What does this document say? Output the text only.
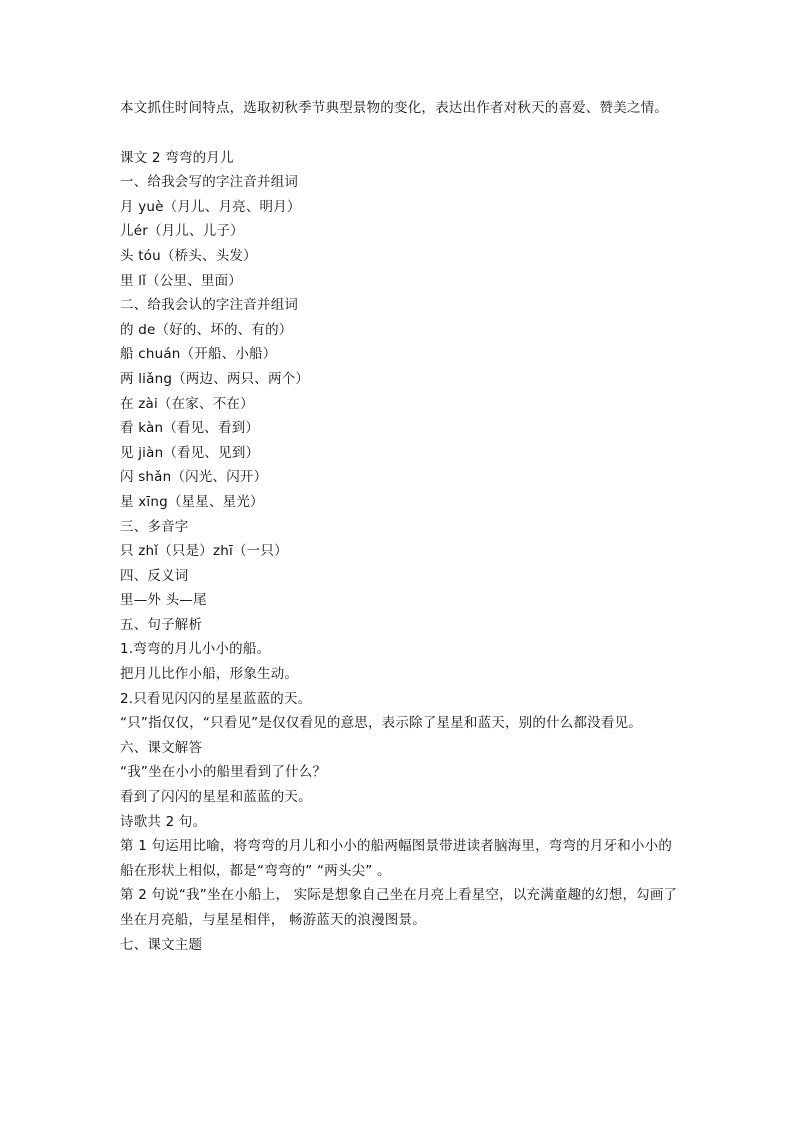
本文抓住时间特点，选取初秋季节典型景物的变化，表达出作者对秋天的喜爱、赞美之情。
课文 2 弯弯的月儿
一、给我会写的字注音并组词
月 yuè（月儿、月亮、明月）
儿ér（月儿、儿子）
头 tóu（桥头、头发）
里 lǐ（公里、里面）
二、给我会认的字注音并组词
的 de（好的、坏的、有的）
船 chuán（开船、小船）
两 liǎng（两边、两只、两个）
在 zài（在家、不在）
看 kàn（看见、看到）
见 jiàn（看见、见到）
闪 shǎn（闪光、闪开）
星 xīng（星星、星光）
三、多音字
只 zhǐ（只是）zhī（一只）
四、反义词
里—外 头—尾
五、句子解析
1.弯弯的月儿小小的船。
把月儿比作小船，形象生动。
2.只看见闪闪的星星蓝蓝的天。
“只”指仅仅，“只看见”是仅仅看见的意思，表示除了星星和蓝天，别的什么都没看见。
六、课文解答
“我”坐在小小的船里看到了什么？
看到了闪闪的星星和蓝蓝的天。
诗歌共 2 句。
第 1 句运用比喻，将弯弯的月儿和小小的船两幅图景带进读者脑海里，弯弯的月牙和小小的船在形状上相似，都是“弯弯的” “两头尖” 。
第 2 句说“我”坐在小船上， 实际是想象自己坐在月亮上看星空，以充满童趣的幻想，勾画了坐在月亮船，与星星相伴， 畅游蓝天的浪漫图景。
七、课文主题
